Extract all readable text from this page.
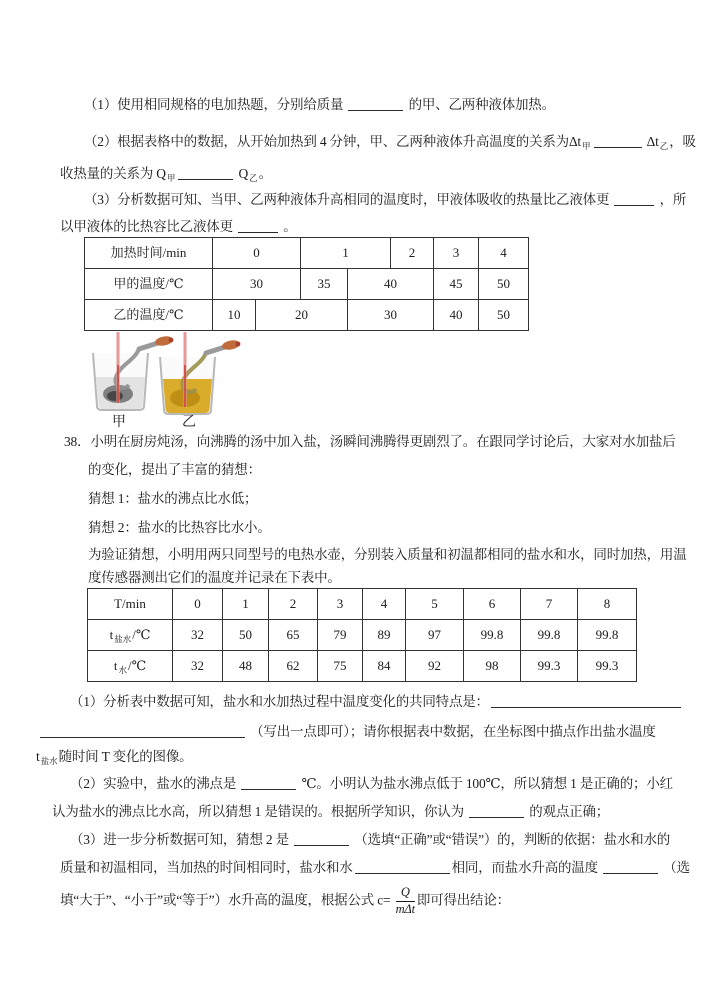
甲	乙
（1）使用相同规格的电加热题，分别给质量	的甲、乙两种液体加热。
（2）根据表格中的数据，从开始加热到 4 分钟，甲、乙两种液体升高温度的关系为$\Delta t_甲$	$\Delta t_乙$，吸
收热量的关系为 $Q_甲$	$Q_乙$。
（3）分析数据可知、当甲、乙两种液体升高相同的温度时，甲液体吸收的热量比乙液体更	，所
以甲液体的比热容比乙液体更	。
38．小明在厨房炖汤，向沸腾的汤中加入盐，汤瞬间沸腾得更剧烈了。在跟同学讨论后，大家对水加盐后
的变化，提出了丰富的猜想：
猜想 1：盐水的沸点比水低；
猜想 2：盐水的比热容比水小。
为验证猜想，小明用两只同型号的电热水壶，分别装入质量和初温都相同的盐水和水，同时加热，用温
度传感器测出它们的温度并记录在下表中。
（1）分析表中数据可知，盐水和水加热过程中温度变化的共同特点是：
（写出一点即可）；请你根据表中数据，在坐标图中描点作出盐水温度
$t_{盐水}$随时间 T 变化的图像。
（2）实验中，盐水的沸点是	℃。小明认为盐水沸点低于 100℃，所以猜想 1 是正确的；小红
认为盐水的沸点比水高，所以猜想 1 是错误的。根据所学知识，你认为	的观点正确；
（3）进一步分析数据可知，猜想 2 是	（选填“正确”或“错误”）的，判断的依据：盐水和水的
质量和初温相同，当加热的时间相同时，盐水和水	相同，而盐水升高的温度	（选
填“大于”、“小于”或“等于”）水升高的温度，根据公式 $c= \frac{Q}{\text{mΔt}}$ 即可得出结论：
加热时间/min	0	1	2	3	4
甲的温度/℃	30	35	40	45	50
乙的温度/℃	10	20	30	40	50
T/min	0	1	2	3	4	5	6	7	8
$t_{盐水}/℃$	32	50	65	79	89	97	99.8	99.8	99.8
$t_水/℃$	32	48	62	75	84	92	98	99.3	99.3
